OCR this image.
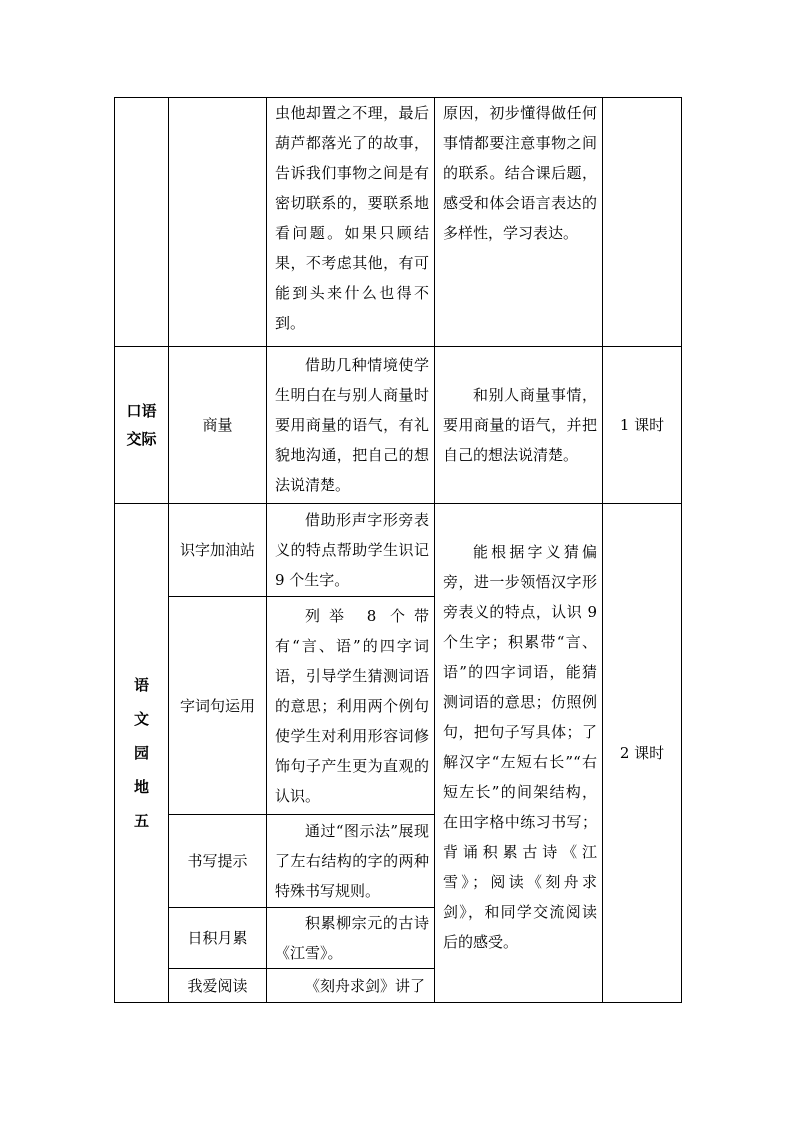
		虫他却置之不理，最后葫芦都落光了的故事，告诉我们事物之间是有密切联系的，要联系地看问题。如果只顾结果，不考虑其他，有可能到头来什么也得不到。	原因，初步懂得做任何事情都要注意事物之间的联系。结合课后题，感受和体会语言表达的多样性，学习表达。	

口语交际	商量	借助几种情境使学生明白在与别人商量时要用商量的语气，有礼貌地沟通，把自己的想法说清楚。	和别人商量事情，要用商量的语气，并把自己的想法说清楚。	1 课时

语文园地五	识字加油站	借助形声字形旁表义的特点帮助学生识记 9 个生字。	能根据字义猜偏旁，进一步领悟汉字形旁表义的特点，认识 9 个生字；积累带“言、语”的四字词语，能猜测词语的意思；仿照例句，把句子写具体；了解汉字“左短右长”“右短左长”的间架结构，在田字格中练习书写；背诵积累古诗《江雪》；阅读《刻舟求剑》，和同学交流阅读后的感受。	2 课时

	字词句运用	列举 8 个带有“言、语”的四字词语，引导学生猜测词语的意思；利用两个例句使学生对利用形容词修饰句子产生更为直观的认识。		

	书写提示	通过“图示法”展现了左右结构的字的两种特殊书写规则。		

	日积月累	积累柳宗元的古诗《江雪》。		

	我爱阅读	《刻舟求剑》讲了		
